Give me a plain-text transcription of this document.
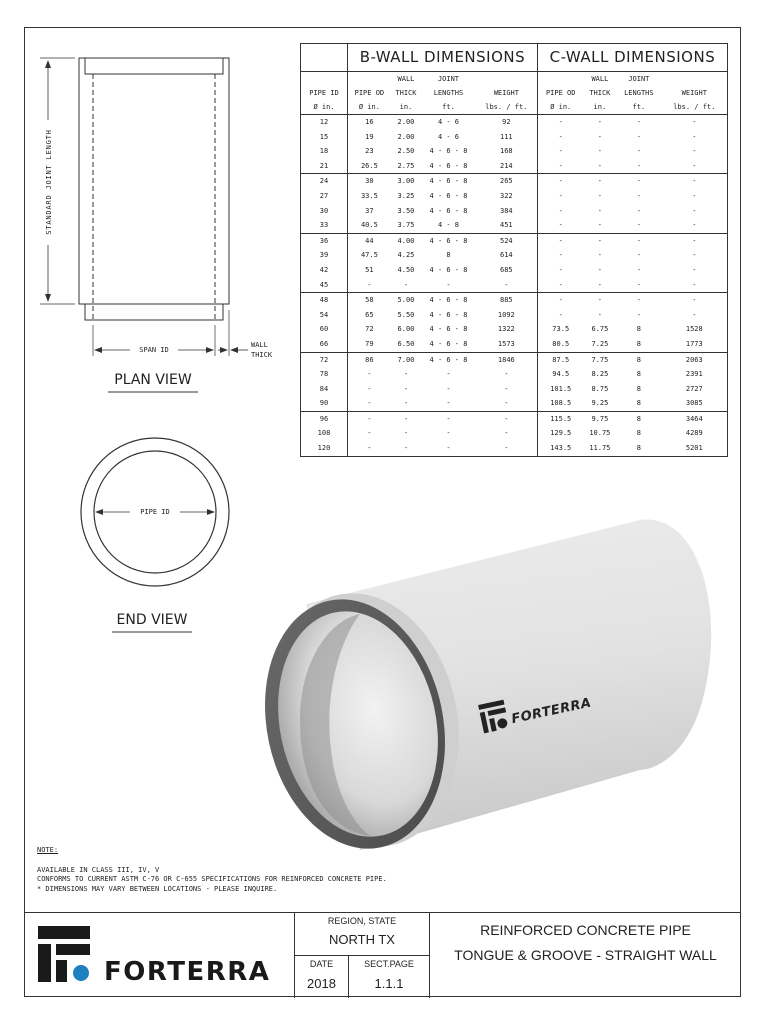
STANDARD JOINT LENGTH
SPAN ID
WALL
THICK
PLAN VIEW
PIPE ID
END VIEW
FORTERRA
	B-WALL DIMENSIONS				C-WALL DIMENSIONS			
		WALL	JOINT			WALL	JOINT	
PIPE ID	PIPE OD	THICK	LENGTHS	WEIGHT	PIPE OD	THICK	LENGTHS	WEIGHT
Ø in.	Ø in.	in.	ft.	lbs. / ft.	Ø in.	in.	ft.	lbs. / ft.
12	16	2.00	4 - 6	92	-	-	-	-
15	19	2.00	4 - 6	111	-	-	-	-
18	23	2.50	4 - 6 - 8	168	-	-	-	-
21	26.5	2.75	4 - 6 - 8	214	-	-	-	-
24	30	3.00	4 - 6 - 8	265	-	-	-	-
27	33.5	3.25	4 - 6 - 8	322	-	-	-	-
30	37	3.50	4 - 6 - 8	384	-	-	-	-
33	40.5	3.75	4 - 8	451	-	-	-	-
36	44	4.00	4 - 6 - 8	524	-	-	-	-
39	47.5	4.25	8	614	-	-	-	-
42	51	4.50	4 - 6 - 8	685	-	-	-	-
45	-	-	-	-	-	-	-	-
48	58	5.00	4 - 6 - 8	885	-	-	-	-
54	65	5.50	4 - 6 - 8	1092	-	-	-	-
60	72	6.00	4 - 6 - 8	1322	73.5	6.75	8	1528
66	79	6.50	4 - 6 - 8	1573	80.5	7.25	8	1773
72	86	7.00	4 - 6 - 8	1846	87.5	7.75	8	2063
78	-	-	-	-	94.5	8.25	8	2391
84	-	-	-	-	101.5	8.75	8	2727
90	-	-	-	-	108.5	9.25	8	3085
96	-	-	-	-	115.5	9.75	8	3464
108	-	-	-	-	129.5	10.75	8	4289
120	-	-	-	-	143.5	11.75	8	5201
NOTE:
AVAILABLE IN CLASS III, IV, V
CONFORMS TO CURRENT ASTM C-76 OR C-655 SPECIFICATIONS FOR REINFORCED CONCRETE PIPE.
* DIMENSIONS MAY VARY BETWEEN LOCATIONS - PLEASE INQUIRE.
REGION, STATE
NORTH TX
DATE
2018
SECT.PAGE
1.1.1
REINFORCED CONCRETE PIPE
TONGUE & GROOVE - STRAIGHT WALL
FORTERRA
